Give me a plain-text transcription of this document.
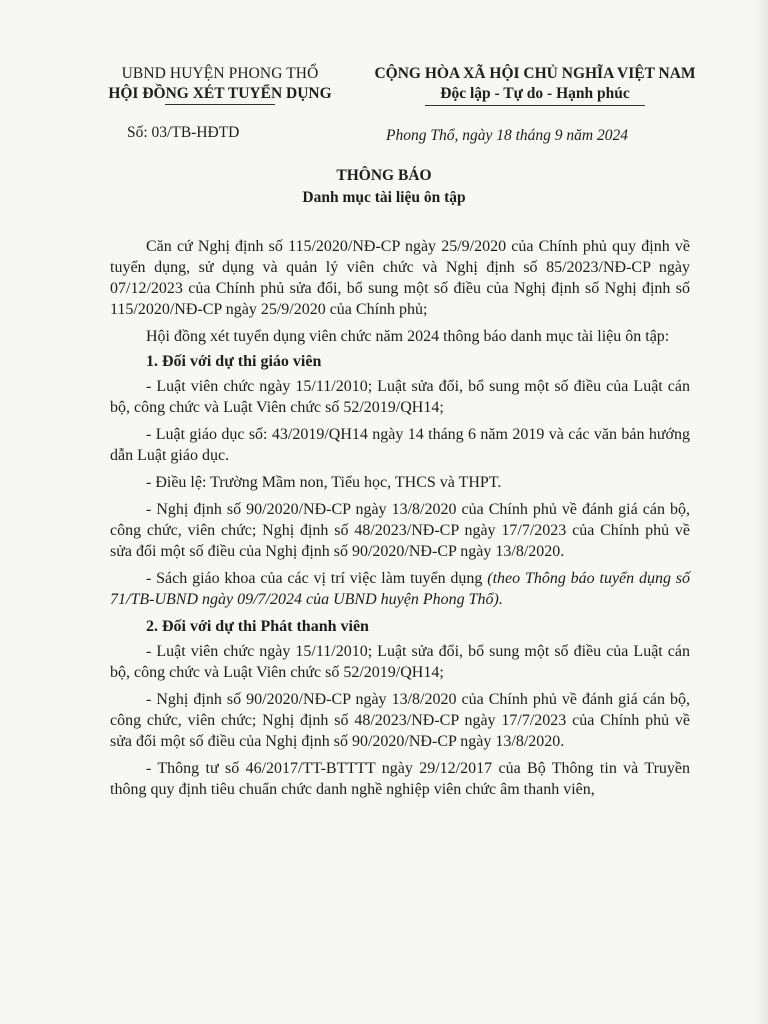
UBND HUYỆN PHONG THỔ
HỘI ĐỒNG XÉT TUYỂN DỤNG
CỘNG HÒA XÃ HỘI CHỦ NGHĨA VIỆT NAM
Độc lập - Tự do - Hạnh phúc
Số: 03/TB-HĐTD	Phong Thổ, ngày 18 tháng 9 năm 2024
THÔNG BÁO
Danh mục tài liệu ôn tập

Căn cứ Nghị định số 115/2020/NĐ-CP ngày 25/9/2020 của Chính phủ quy định về tuyển dụng, sử dụng và quản lý viên chức và Nghị định số 85/2023/NĐ-CP ngày 07/12/2023 của Chính phủ sửa đổi, bổ sung một số điều của Nghị định số Nghị định số 115/2020/NĐ-CP ngày 25/9/2020 của Chính phủ;

Hội đồng xét tuyển dụng viên chức năm 2024 thông báo danh mục tài liệu ôn tập:

1. Đối với dự thi giáo viên

- Luật viên chức ngày 15/11/2010; Luật sửa đổi, bổ sung một số điều của Luật cán bộ, công chức và Luật Viên chức số 52/2019/QH14;

- Luật giáo dục số: 43/2019/QH14 ngày 14 tháng 6 năm 2019 và các văn bản hướng dẫn Luật giáo dục.

- Điều lệ: Trường Mầm non, Tiểu học, THCS và THPT.

- Nghị định số 90/2020/NĐ-CP ngày 13/8/2020 của Chính phủ về đánh giá cán bộ, công chức, viên chức; Nghị định số 48/2023/NĐ-CP ngày 17/7/2023 của Chính phủ về sửa đổi một số điều của Nghị định số 90/2020/NĐ-CP ngày 13/8/2020.

- Sách giáo khoa của các vị trí việc làm tuyển dụng (theo Thông báo tuyển dụng số 71/TB-UBND ngày 09/7/2024 của UBND huyện Phong Thổ).

2. Đối với dự thi Phát thanh viên

- Luật viên chức ngày 15/11/2010; Luật sửa đổi, bổ sung một số điều của Luật cán bộ, công chức và Luật Viên chức số 52/2019/QH14;

- Nghị định số 90/2020/NĐ-CP ngày 13/8/2020 của Chính phủ về đánh giá cán bộ, công chức, viên chức; Nghị định số 48/2023/NĐ-CP ngày 17/7/2023 của Chính phủ về sửa đổi một số điều của Nghị định số 90/2020/NĐ-CP ngày 13/8/2020.

- Thông tư số 46/2017/TT-BTTTT ngày 29/12/2017 của Bộ Thông tin và Truyền thông quy định tiêu chuẩn chức danh nghề nghiệp viên chức âm thanh viên,
